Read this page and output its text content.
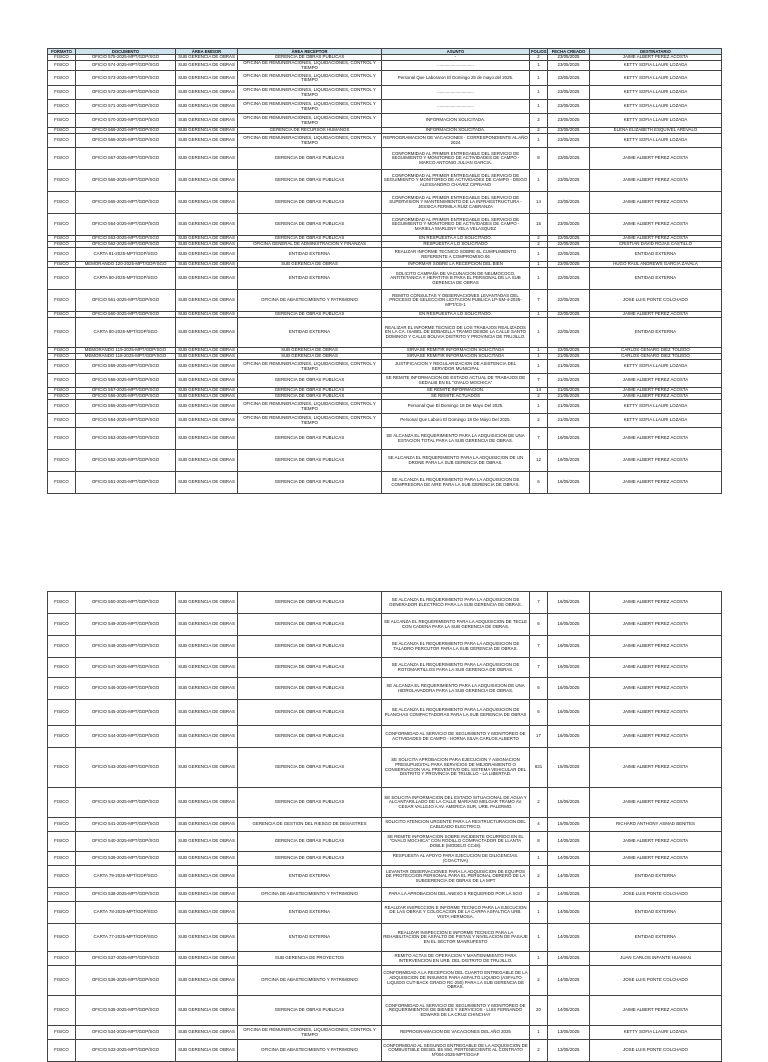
FORMATO	DOCUMENTO	ÁREA EMISOR	ÁREA RECEPTOR	ASUNTO	FOLIOS	FECHA CREADO	DESTINATARIO
FISICO	OFICIO 575-2025-MPT/GDP/SGO	SUB GERENCIA DE OBRAS	GERENCIA DE OBRAS PUBLICAS	-	2	23/05/2025	JAIME ALBERT PEREZ ACOSTA
FISICO	OFICIO 574-2025-MPT/GDP/SGO	SUB GERENCIA DE OBRAS	OFICINA DE REMUNERACIONES, LIQUIDACIONES, CONTROL Y TIEMPO	..............................	1	23/05/2025	KETTY SOFIA LLAURI LOZADA
FISICO	OFICIO 573-2025-MPT/GDP/SGO	SUB GERENCIA DE OBRAS	OFICINA DE REMUNERACIONES, LIQUIDACIONES, CONTROL Y TIEMPO	Personal Que Laboraron El Domingo 25 de mayo del 2025.	1	23/05/2025	KETTY SOFIA LLAURI LOZADA
FISICO	OFICIO 572-2025-MPT/GDP/SGO	SUB GERENCIA DE OBRAS	OFICINA DE REMUNERACIONES, LIQUIDACIONES, CONTROL Y TIEMPO	..............................	1	23/05/2025	KETTY SOFIA LLAURI LOZADA
FISICO	OFICIO 571-2025-MPT/GDP/SGO	SUB GERENCIA DE OBRAS	OFICINA DE REMUNERACIONES, LIQUIDACIONES, CONTROL Y TIEMPO	..............................	1	23/05/2025	KETTY SOFIA LLAURI LOZADA
FISICO	OFICIO 570-2025-MPT/GDP/SGO	SUB GERENCIA DE OBRAS	OFICINA DE REMUNERACIONES, LIQUIDACIONES, CONTROL Y TIEMPO	INFORMACION SOLICITADA.	2	23/05/2025	KETTY SOFIA LLAURI LOZADA
FISICO	OFICIO 569-2025-MPT/GDP/SGO	SUB GERENCIA DE OBRAS	GERENCIA DE RECURSOS HUMANOS	INFORMACION SOLICITADA.	2	23/05/2025	ELENA ELIZABETH ESQUIVEL AREVALO
FISICO	OFICIO 568-2025-MPT/GDP/SGO	SUB GERENCIA DE OBRAS	OFICINA DE REMUNERACIONES, LIQUIDACIONES, CONTROL Y TIEMPO	REPROGRAMACION DE VACACIONES - CORRESPONDIENTE AL AÑO 2024	1	23/05/2025	KETTY SOFIA LLAURI LOZADA
FISICO	OFICIO 567-2025-MPT/GDP/SGO	SUB GERENCIA DE OBRAS	GERENCIA DE OBRAS PUBLICAS	CONFORMIDAD AL PRIMER ENTREGABLE DEL SERVICIO DE SEGUIMIENTO Y MONITOREO DE ACTIVIDADES DE CAMPO - MARCO ANTONIO JULIAN GARCIA.	8	23/05/2025	JAIME ALBERT PEREZ ACOSTA
FISICO	OFICIO 566-2025-MPT/GDP/SGO	SUB GERENCIA DE OBRAS	GERENCIA DE OBRAS PUBLICAS	CONFORMIDAD AL PRIMER ENTREGABLE DEL SERVICIO DE SEGUIMIENTO Y MONITOREO DE ACTIVIDADES DE CAMPO - DIEGO ALESSANDRO CHAVEZ CIPRIANO	1	23/05/2025	JAIME ALBERT PEREZ ACOSTA
FISICO	OFICIO 565-2025-MPT/GDP/SGO	SUB GERENCIA DE OBRAS	GERENCIA DE OBRAS PUBLICAS	CONFORMIDAD AL PRIMER ENTREGABLE DEL SERVICIO DE SUPERVISION Y MANTENIMIENTO DE LA INFRAESTRUCTURA - JESSICA FERMILA RUIZ CABRANZA	14	23/05/2025	JAIME ALBERT PEREZ ACOSTA
FISICO	OFICIO 564-2025-MPT/GDP/SGO	SUB GERENCIA DE OBRAS	GERENCIA DE OBRAS PUBLICAS	CONFORMIDAD AL PRIMER ENTREGABLE DEL SERVICIO DE SEGUIMIENTO Y MONITOREO DE ACTIVIDADES DE CAMPO - MARIELA MARLENY VELA VELASQUEZ	15	23/05/2025	JAIME ALBERT PEREZ ACOSTA
FISICO	OFICIO 563-2025-MPT/GDP/SGO	SUB GERENCIA DE OBRAS	GERENCIA DE OBRAS PUBLICAS	EN RESPUESTA A LO SOLICITADO.	2	22/05/2025	JAIME ALBERT PEREZ ACOSTA
FISICO	OFICIO 562-2025-MPT/GDP/SGO	SUB GERENCIA DE OBRAS	OFICINA GENERAL DE ADMINISTRACION Y FINANZAS	RESPUESTA A LO SOLICITADO	2	22/05/2025	CRISTIAN DAVID ROJAS CASTILLO
FISICO	CARTA 81-2025-MPT/GDP/SGO	SUB GERENCIA DE OBRAS	ENTIDAD EXTERNA	REALIZAR INFORME TECNICO SOBRE EL CUMPLIMIENTO REFERENTE A COMPROMISO 06	1	22/05/2025	ENTIDAD EXTERNA
FISICO	MEMORANDO 120-2025-MPT/GDP/SGO	SUB GERENCIA DE OBRAS	SUB GERENCIA DE OBRAS	INFORMAR SOBRE LA RECEPCION DEL BIEN	1	22/05/2025	HUGO RAUL ANDREWS GARCIA ZAVALA
FISICO	CARTA 80-2025-MPT/GDP/SGO	SUB GERENCIA DE OBRAS	ENTIDAD EXTERNA	SOLICITO CAMPAÑA DE VACUNACION DE NEUMOCOCO, ANTITETANICA Y HEPATITIS B PARA EL PERSONAL DE LA SUB GERENCIA DE OBRAS	1	22/05/2025	ENTIDAD EXTERNA
FISICO	OFICIO 561-2025-MPT/GDP/SGO	SUB GERENCIA DE OBRAS	OFICINA DE ABASTECIMIENTO Y PATRIMONIO	REMITO CONSULTAS Y OBSERVACIONES LEVANTADAS DEL PROCESO DE SELECCION LICITACION PUBLICA LP-SM-4-2025-MPT/CS-1	7	22/05/2025	JOSE LUIS PONTE COLCHADO
FISICO	OFICIO 560-2025-MPT/GDP/SGO	SUB GERENCIA DE OBRAS	GERENCIA DE OBRAS PUBLICAS	EN RESPUESTA A LO SOLICITADO.	1	22/05/2025	JAIME ALBERT PEREZ ACOSTA
FISICO	CARTA 80-2025-MPT/GDP/SGO	SUB GERENCIA DE OBRAS	ENTIDAD EXTERNA	REALIZAR EL INFORME TECNICO DE LOS TRABAJOS REALIZADOS EN LA CA. ISABEL DE BOBADILLA TRAMO DESDE LA CALLE SANTO DOMINGO Y CALLE BOLIVIA DISTRITO Y PROVINCIA DE TRUJILLO.	1	22/05/2025	ENTIDAD EXTERNA
FISICO	MEMORANDO 119-2025-MPT/GDP/SGO	SUB GERENCIA DE OBRAS	SUB GERENCIA DE OBRAS	SIRVASE REMITIR INFORMACION SOLICITADA	1	22/05/2025	CARLOS GENARO DIEZ TOLEDO
FISICO	MEMORANDO 118-2025-MPT/GDP/SGO	SUB GERENCIA DE OBRAS	SUB GERENCIA DE OBRAS	SIRVASE REMITIR INFORMACION SOLICITADA	1	21/05/2025	CARLOS GENARO DIEZ TOLEDO
FISICO	OFICIO 559-2025-MPT/GDP/SGO	SUB GERENCIA DE OBRAS	OFICINA DE REMUNERACIONES, LIQUIDACIONES, CONTROL Y TIEMPO	JUSTIFICACION Y REGULARIZACION DE ASISTENCIA DEL SERVIDOR MUNICIPAL	1	21/05/2025	KETTY SOFIA LLAURI LOZADA
FISICO	OFICIO 558-2025-MPT/GDP/SGO	SUB GERENCIA DE OBRAS	GERENCIA DE OBRAS PUBLICAS	SE REMITE INFORMACION DE ESTADO ACTUAL DE TRABAJOS DE SEDALIB EN EL "OVALO MOCHICA"	7	21/05/2025	JAIME ALBERT PEREZ ACOSTA
FISICO	OFICIO 557-2025-MPT/GDP/SGO	SUB GERENCIA DE OBRAS	GERENCIA DE OBRAS PUBLICAS	SE REMITE INFORMACION.	14	21/05/2025	JAIME ALBERT PEREZ ACOSTA
FISICO	OFICIO 556-2025-MPT/GDP/SGO	SUB GERENCIA DE OBRAS	GERENCIA DE OBRAS PUBLICAS	SE REMITE ACTUADOS	2	21/05/2025	JAIME ALBERT PEREZ ACOSTA
FISICO	OFICIO 555-2025-MPT/GDP/SGO	SUB GERENCIA DE OBRAS	OFICINA DE REMUNERACIONES, LIQUIDACIONES, CONTROL Y TIEMPO	Personal Que El Domingo 18 De Mayo Del 2025.	1	21/05/2025	KETTY SOFIA LLAURI LOZADA
FISICO	OFICIO 554-2025-MPT/GDP/SGO	SUB GERENCIA DE OBRAS	OFICINA DE REMUNERACIONES, LIQUIDACIONES, CONTROL Y TIEMPO	Personal Que Laboro El Domingo 18 De Mayo Del 2025.	2	21/05/2025	KETTY SOFIA LLAURI LOZADA
FISICO	OFICIO 553-2025-MPT/GDP/SGO	SUB GERENCIA DE OBRAS	GERENCIA DE OBRAS PUBLICAS	SE ALCANZA EL REQUERIMIENTO PARA LA ADQUISICION DE UNA ESTACION TOTAL PARA LA SUB GERENCIA DE OBRAS.	7	16/05/2025	JAIME ALBERT PEREZ ACOSTA
FISICO	OFICIO 552-2025-MPT/GDP/SGO	SUB GERENCIA DE OBRAS	GERENCIA DE OBRAS PUBLICAS	SE ALCANZA EL REQUERIMIENTO PARA LA ADQUISICION DE UN DRONE PARA LA SUB GERENCIA DE OBRAS.	12	16/05/2025	JAIME ALBERT PEREZ ACOSTA
FISICO	OFICIO 551-2025-MPT/GDP/SGO	SUB GERENCIA DE OBRAS	GERENCIA DE OBRAS PUBLICAS	SE ALCANZA EL REQUERIMIENTO PARA LA ADQUISICION DE COMPRESORA DE AIRE PARA LA SUB GERENCIA DE OBRAS.	6	16/05/2025	JAIME ALBERT PEREZ ACOSTA
FISICO	OFICIO 550-2025-MPT/GDP/SGO	SUB GERENCIA DE OBRAS	GERENCIA DE OBRAS PUBLICAS	SE ALCANZA EL REQUERIMIENTO PARA LA ADQUISICION DE GENERADOR ELECTRICO PARA LA SUB GERENCIA DE OBRAS.	7	16/05/2025	JAIME ALBERT PEREZ ACOSTA
FISICO	OFICIO 549-2025-MPT/GDP/SGO	SUB GERENCIA DE OBRAS	GERENCIA DE OBRAS PUBLICAS	SE ALCANZA EL REQUERIMIENTO PARA LA ADQUISICION DE TECLE CON CADENA PARA LA SUB GERENCIA DE OBRAS.	6	16/05/2025	JAIME ALBERT PEREZ ACOSTA
FISICO	OFICIO 548-2025-MPT/GDP/SGO	SUB GERENCIA DE OBRAS	GERENCIA DE OBRAS PUBLICAS	SE ALCANZA EL REQUERIMIENTO PARA LA ADQUISICION DE TALADRO PERCUTOR PARA LA SUB GERENCIA DE OBRAS.	7	16/05/2025	JAIME ALBERT PEREZ ACOSTA
FISICO	OFICIO 547-2025-MPT/GDP/SGO	SUB GERENCIA DE OBRAS	GERENCIA DE OBRAS PUBLICAS	SE ALCANZA EL REQUERIMIENTO PARA LA ADQUISICION DE ROTOMARTILLOS PARA LA SUB GERENCIA DE OBRAS.	7	16/05/2025	JAIME ALBERT PEREZ ACOSTA
FISICO	OFICIO 546-2025-MPT/GDP/SGO	SUB GERENCIA DE OBRAS	GERENCIA DE OBRAS PUBLICAS	SE ALCANZA EL REQUERIMIENTO PARA LA ADQUISICION DE UNA HIDROLAVADORA PARA LA SUB GERENCIA DE OBRAS.	6	16/05/2025	JAIME ALBERT PEREZ ACOSTA
FISICO	OFICIO 545-2025-MPT/GDP/SGO	SUB GERENCIA DE OBRAS	GERENCIA DE OBRAS PUBLICAS	SE ALCANZA EL REQUERIMIENTO PARA LA ADQUISICION DE PLANCHAS COMPACTADORAS PARA LA SUB GERENCIA DE OBRAS	6	16/05/2025	JAIME ALBERT PEREZ ACOSTA
FISICO	OFICIO 544-2025-MPT/GDP/SGO	SUB GERENCIA DE OBRAS	GERENCIA DE OBRAS PUBLICAS	CONFORMIDAD AL SERVICIO DE SEGUIMIENTO Y MONITOREO DE ACTIVIDADES DE CAMPO - HORNA SILVA CARLOS ALBERTO	17	16/05/2025	JAIME ALBERT PEREZ ACOSTA
FISICO	OFICIO 543-2025-MPT/GDP/SGO	SUB GERENCIA DE OBRAS	GERENCIA DE OBRAS PUBLICAS	SE SOLICITA APROBACION PARA EJECUCION Y ASIGNACION PRESUPUESTAL PARA SERVICIOS DE MEJORAMIENTO O CONSERVACION VIAL PREVENTIVO DEL SISTEMA VEHICULAR DEL DISTRITO Y PROVINCIA DE TRUJILLO - LA LIBERTAD.	831	15/05/2025	JAIME ALBERT PEREZ ACOSTA
FISICO	OFICIO 542-2025-MPT/GDP/SGO	SUB GERENCIA DE OBRAS	GERENCIA DE OBRAS PUBLICAS	SE SOLICITA INFORMACION DEL ESTADO SITUACIONAL DE AGUA Y ALCANTARILLADO DE LA CALLE MARIANO MELGAR TRAMO AV. CESAR VALLEJO A AV. AMERICA SUR, URB. PALERMO.	2	15/05/2025	JAIME ALBERT PEREZ ACOSTA
FISICO	OFICIO 541-2025-MPT/GDP/SGO	SUB GERENCIA DE OBRAS	GERENCIA DE GESTION DEL RIESGO DE DESASTRES	SOLICITO ATENCION URGENTE PARA LA RESTRUCTURACION DEL CABLEADO ELECTRICO.	4	15/05/2025	RICHARD ANTHONY ASMAD BENITES
FISICO	OFICIO 540-2025-MPT/GDP/SGO	SUB GERENCIA DE OBRAS	GERENCIA DE OBRAS PUBLICAS	SE REMITE INFORMACION SOBRE INCIDENTE OCURRIDO EN EL "OVALO MOCHICA" CON RODILLO COMPACTADOR DE LLANTA DOBLE (MODELO CC48).	8	14/05/2025	JAIME ALBERT PEREZ ACOSTA
FISICO	OFICIO 539-2025-MPT/GDP/SGO	SUB GERENCIA DE OBRAS	GERENCIA DE OBRAS PUBLICAS	RESPUESTA AL APOYO PARA EJECUCION DE DILIGENCIAS. (COACTIVA)	1	14/05/2025	JAIME ALBERT PEREZ ACOSTA
FISICO	CARTA 79-2025-MPT/GDP/SGO	SUB GERENCIA DE OBRAS	ENTIDAD EXTERNA	LEVANTAR OBSERVACIONES PARA LA ADQUISICION DE EQUIPOS DE PROTECCION PERSONAL PARA EL PERSONAL OBRERO DE LA SUBGERENCIA DE OBRAS DE LA MPT	2	14/05/2025	ENTIDAD EXTERNA
FISICO	OFICIO 538-2025-MPT/GDP/SGO	SUB GERENCIA DE OBRAS	OFICINA DE ABASTECIMIENTO Y PATRIMONIO	PARA LA APROBACION DEL ANEXO 5 REQUERIDO POR LA SGO	2	14/05/2025	JOSE LUIS PONTE COLCHADO
FISICO	CARTA 78-2025-MPT/GDP/SGO	SUB GERENCIA DE OBRAS	ENTIDAD EXTERNA	REALIZAR INSPECCION E INFORME TECNICO PARA LA EJECUCION DE LAS OBRAS Y COLOCACION DE LA CARPA ASFALTICA URB. VISTA HERMOSA.	1	14/05/2025	ENTIDAD EXTERNA
FISICO	CARTA 77-2025-MPT/GDP/SGO	SUB GERENCIA DE OBRAS	ENTIDAD EXTERNA	REALIZAR INSPECCION E INFORME TECNICO PARA LA REHABILITACION DE ASFALTO DE PISTAS Y NIVELACION DE PASAJE EN EL SECTOR MANRUFESTO	1	14/05/2025	ENTIDAD EXTERNA
FISICO	OFICIO 537-2025-MPT/GDP/SGO	SUB GERENCIA DE OBRAS	SUB GERENCIA DE PROYECTOS	REMITO ACTAS DE OPERACION Y MANTENIMIENTO PARA INTERVENCION EN URB. DEL DISTRITO DE TRUJILLO.	1	14/05/2025	JUAN CARLOS INFANTE HUAMAN
FISICO	OFICIO 536-2025-MPT/GDP/SGO	SUB GERENCIA DE OBRAS	OFICINA DE ABASTECIMIENTO Y PATRIMONIO	CONFORMIDAD A LA RECEPCION DEL CUARTO ENTREGABLE DE LA ADQUISICION DE INSUMOS PARA ASFALTO LIQUIDO (ASFALTO LIQUIDO CUT-BACK GRADO RC-250) PARA LA SUB GERENCIA DE OBRAS.	2	14/05/2025	JOSE LUIS PONTE COLCHADO
FISICO	OFICIO 535-2025-MPT/GDP/SGO	SUB GERENCIA DE OBRAS	GERENCIA DE OBRAS PUBLICAS	CONFORMIDAD AL SERVICIO DE SEGUIMIENTO Y MONITOREO DE REQUERIMIENTOS DE BIENES Y SERVICIOS - LUIS FERNANDO EDWARS DE LA CRUZ CHINCHAY	20	14/05/2025	JAIME ALBERT PEREZ ACOSTA
FISICO	OFICIO 534-2025-MPT/GDP/SGO	SUB GERENCIA DE OBRAS	OFICINA DE REMUNERACIONES, LIQUIDACIONES, CONTROL Y TIEMPO	REPROGRAMACION DE VACACIONES DEL AÑO 2025	1	13/05/2025	KETTY SOFIA LLAURI LOZADA
FISICO	OFICIO 533-2025-MPT/GDP/SGO	SUB GERENCIA DE OBRAS	OFICINA DE ABASTECIMIENTO Y PATRIMONIO	CONFORMIDAD AL SEGUNDO ENTREGABLE DE LA ADQUISICION DE COMBUSTIBLE DIESEL B5 S50, PERTENECIENTE AL CONTRATO Nº004-2025-MPT/OGAF	2	13/05/2025	JOSE LUIS PONTE COLCHADO
